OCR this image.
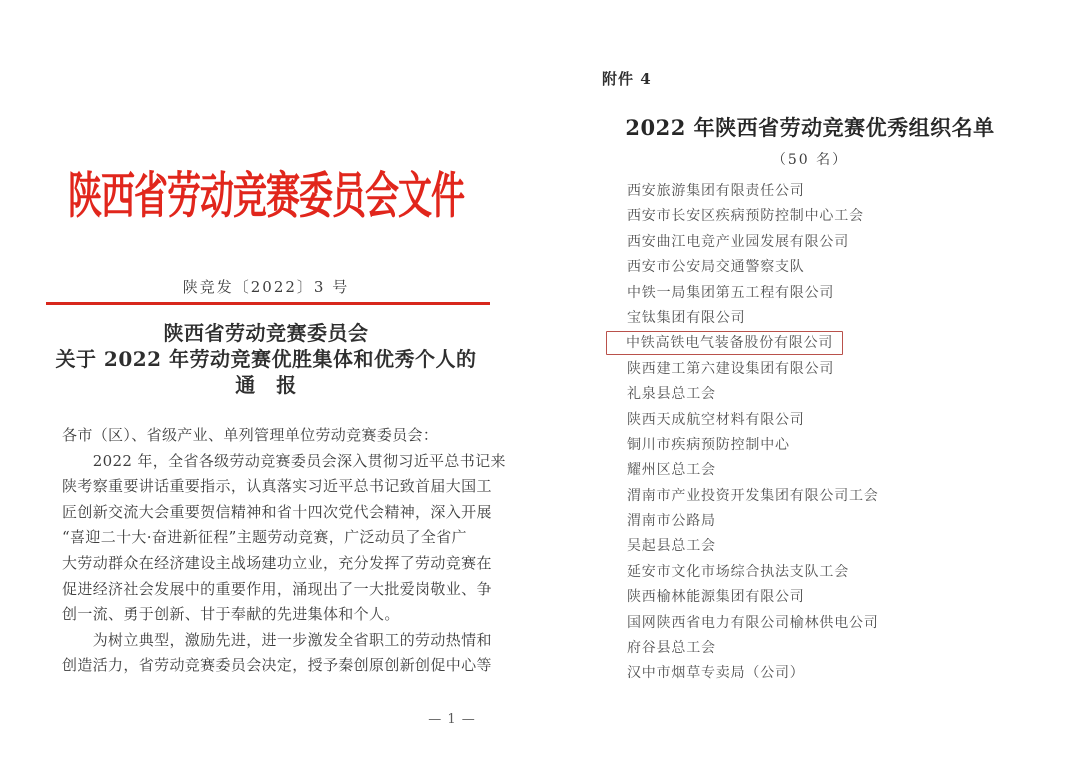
陕西省劳动竞赛委员会文件
陕竞发〔2022〕3 号
陕西省劳动竞赛委员会
关于 2022 年劳动竞赛优胜集体和优秀个人的
通　报
各市（区）、省级产业、单列管理单位劳动竞赛委员会：
　　2022 年，全省各级劳动竞赛委员会深入贯彻习近平总书记来
陕考察重要讲话重要指示，认真落实习近平总书记致首届大国工
匠创新交流大会重要贺信精神和省十四次党代会精神，深入开展
“喜迎二十大·奋进新征程”主题劳动竞赛，广泛动员了全省广
大劳动群众在经济建设主战场建功立业，充分发挥了劳动竞赛在
促进经济社会发展中的重要作用，涌现出了一大批爱岗敬业、争
创一流、勇于创新、甘于奉献的先进集体和个人。
　　为树立典型，激励先进，进一步激发全省职工的劳动热情和
创造活力，省劳动竞赛委员会决定，授予秦创原创新创促中心等
— 1 —
附件 4
2022 年陕西省劳动竞赛优秀组织名单
（50 名）
西安旅游集团有限责任公司
西安市长安区疾病预防控制中心工会
西安曲江电竞产业园发展有限公司
西安市公安局交通警察支队
中铁一局集团第五工程有限公司
宝钛集团有限公司
中铁高铁电气装备股份有限公司
陕西建工第六建设集团有限公司
礼泉县总工会
陕西天成航空材料有限公司
铜川市疾病预防控制中心
耀州区总工会
渭南市产业投资开发集团有限公司工会
渭南市公路局
吴起县总工会
延安市文化市场综合执法支队工会
陕西榆林能源集团有限公司
国网陕西省电力有限公司榆林供电公司
府谷县总工会
汉中市烟草专卖局（公司）
